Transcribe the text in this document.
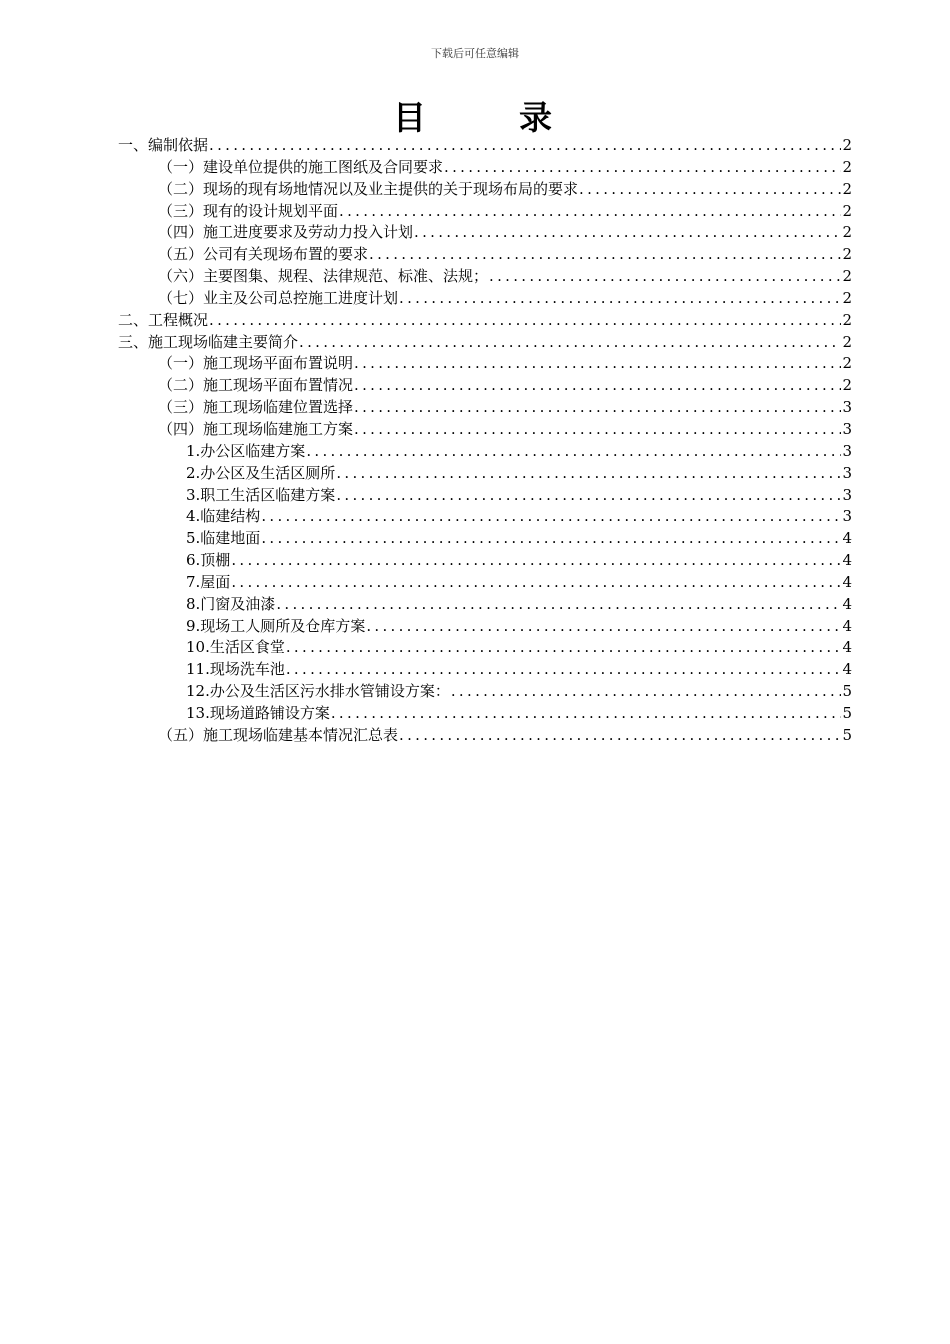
下载后可任意编辑
目　录
一、编制依据 .....	2
（一）建设单位提供的施工图纸及合同要求 .....	2
（二）现场的现有场地情况以及业主提供的关于现场布局的要求 .....	2
（三）现有的设计规划平面 .....	2
（四）施工进度要求及劳动力投入计划 .....	2
（五）公司有关现场布置的要求 .....	2
（六）主要图集、规程、法律规范、标准、法规； .....	2
（七）业主及公司总控施工进度计划 .....	2
二、工程概况 .....	2
三、施工现场临建主要简介 .....	2
（一）施工现场平面布置说明 .....	2
（二）施工现场平面布置情况 .....	2
（三）施工现场临建位置选择 .....	3
（四）施工现场临建施工方案 .....	3
1.办公区临建方案 .....	3
2.办公区及生活区厕所 .....	3
3.职工生活区临建方案 .....	3
4.临建结构 .....	3
5.临建地面 .....	4
6.顶棚 .....	4
7.屋面 .....	4
8.门窗及油漆 .....	4
9.现场工人厕所及仓库方案 .....	4
10.生活区食堂 .....	4
11.现场洗车池 .....	4
12.办公及生活区污水排水管铺设方案： .....	5
13.现场道路铺设方案 .....	5
（五）施工现场临建基本情况汇总表 .....	5
